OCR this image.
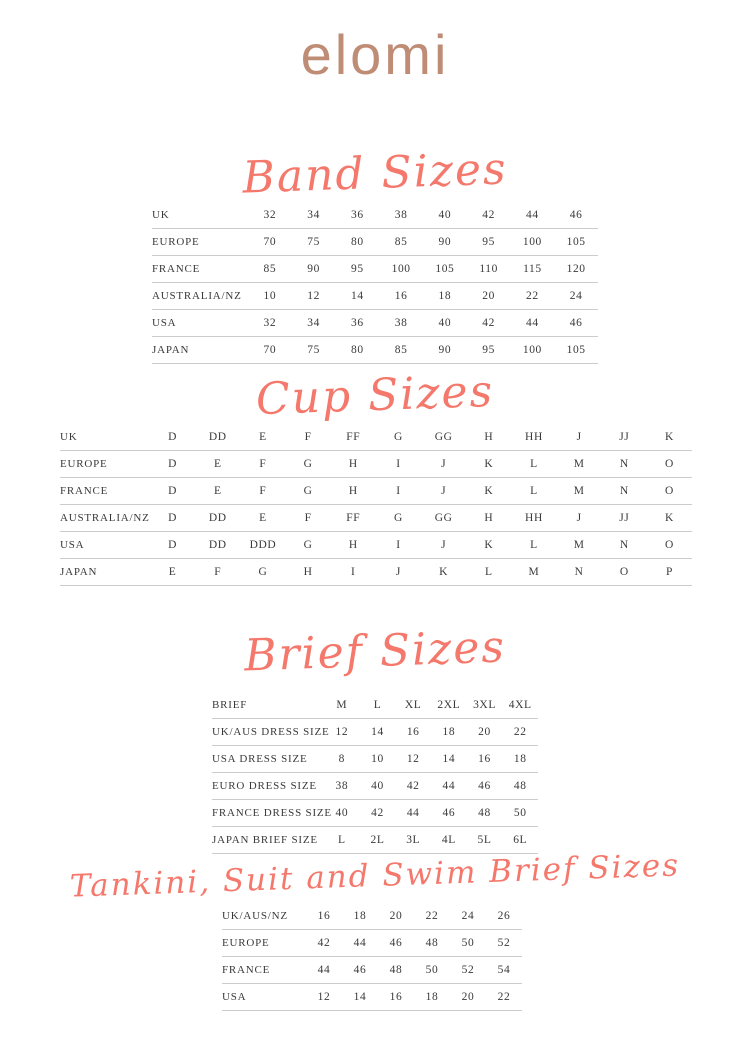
elomi
Band Sizes
UK	32	34	36	38	40	42	44	46
EUROPE	70	75	80	85	90	95	100	105
FRANCE	85	90	95	100	105	110	115	120
AUSTRALIA/NZ	10	12	14	16	18	20	22	24
USA	32	34	36	38	40	42	44	46
JAPAN	70	75	80	85	90	95	100	105
Cup Sizes
UK	D	DD	E	F	FF	G	GG	H	HH	J	JJ	K
EUROPE	D	E	F	G	H	I	J	K	L	M	N	O
FRANCE	D	E	F	G	H	I	J	K	L	M	N	O
AUSTRALIA/NZ	D	DD	E	F	FF	G	GG	H	HH	J	JJ	K
USA	D	DD	DDD	G	H	I	J	K	L	M	N	O
JAPAN	E	F	G	H	I	J	K	L	M	N	O	P
Brief Sizes
BRIEF	M	L	XL	2XL	3XL	4XL
UK/AUS DRESS SIZE 12	14	16	18	20	22
USA DRESS SIZE	8	10	12	14	16	18
EURO DRESS SIZE	38	40	42	44	46	48
FRANCE DRESS SIZE 40	42	44	46	48	50
JAPAN BRIEF SIZE	L	2L	3L	4L	5L	6L
Tankini, Suit and Swim Brief Sizes
UK/AUS/NZ	16	18	20	22	24	26
EUROPE	42	44	46	48	50	52
FRANCE	44	46	48	50	52	54
USA	12	14	16	18	20	22
